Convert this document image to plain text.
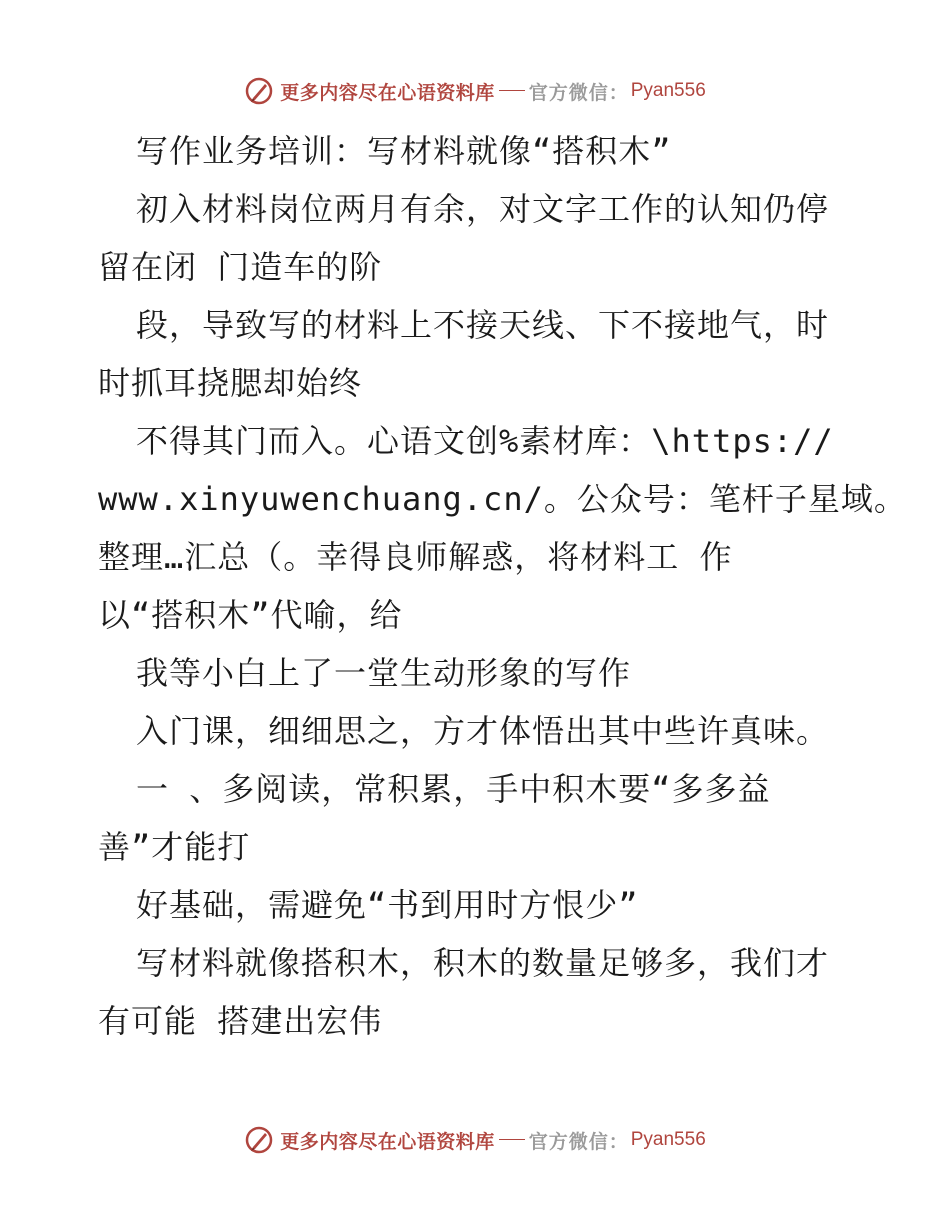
更多内容尽在心语资料库 官方微信： Pyan556
写作业务培训：写材料就像“搭积木”
初入材料岗位两月有余，对文字工作的认知仍停
留在闭 门造车的阶
段，导致写的材料上不接天线、下不接地气，时
时抓耳挠腮却始终
不得其门而入。心语文创%素材库：\https://
www.xinyuwenchuang.cn/。公众号：笔杆子星域。
整理…汇总（。幸得良师解惑，将材料工 作
以“搭积木”代喻，给
我等小白上了一堂生动形象的写作
入门课，细细思之，方才体悟出其中些许真味。
一 、多阅读，常积累，手中积木要“多多益
善”才能打
好基础，需避免“书到用时方恨少”
写材料就像搭积木，积木的数量足够多，我们才
有可能 搭建出宏伟
更多内容尽在心语资料库 官方微信： Pyan556
